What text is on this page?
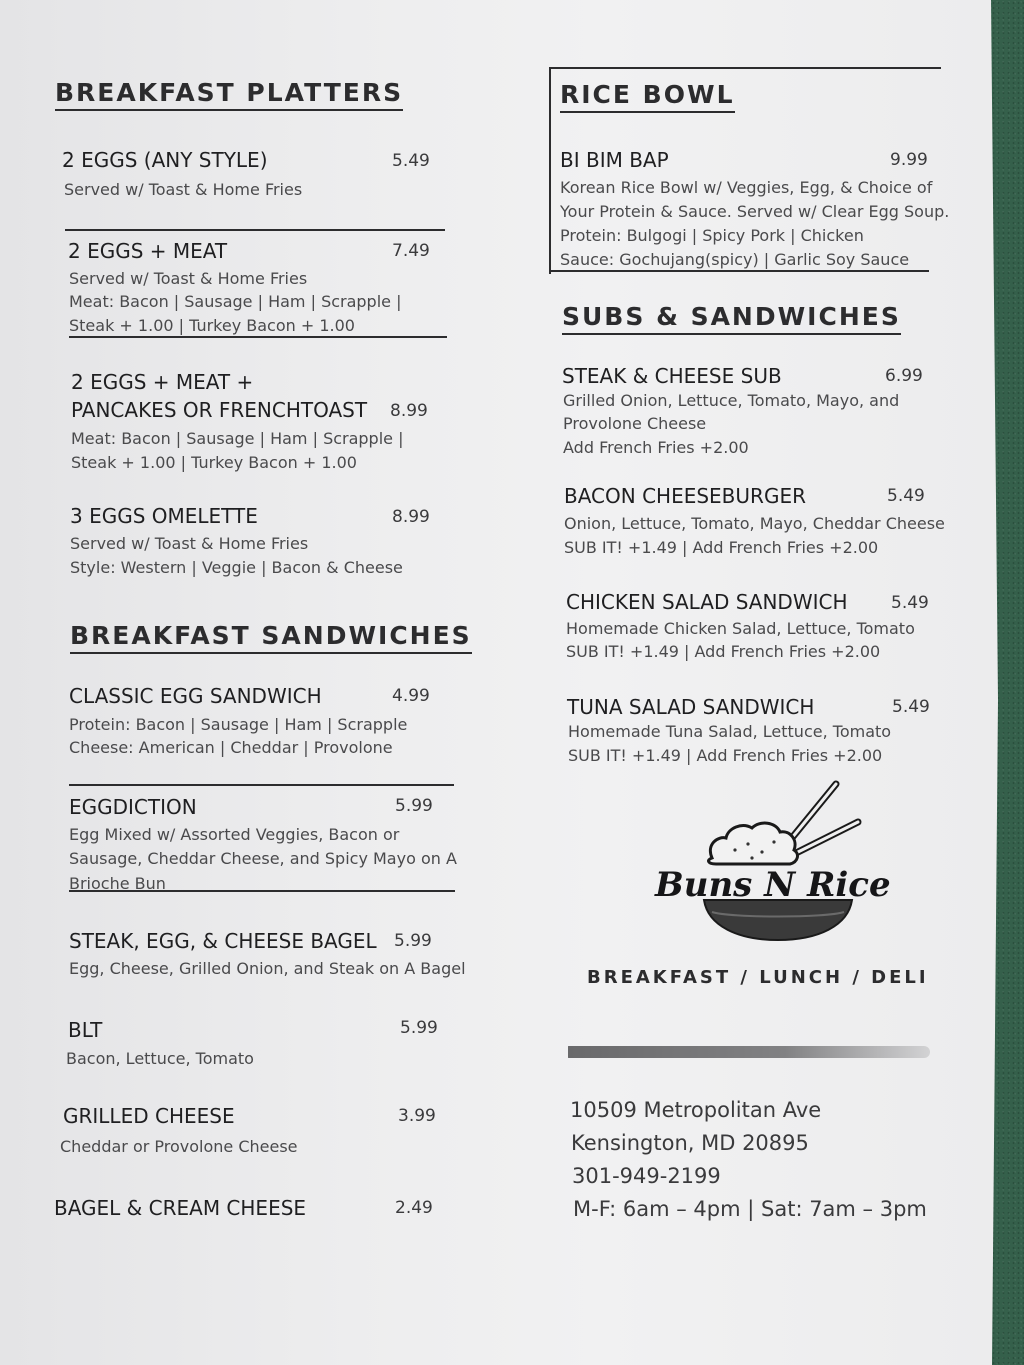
BREAKFAST PLATTERS
2 EGGS (ANY STYLE)	5.49
Served w/ Toast & Home Fries
2 EGGS + MEAT	7.49
Served w/ Toast & Home Fries
Meat: Bacon | Sausage | Ham | Scrapple |
Steak + 1.00 | Turkey Bacon + 1.00
2 EGGS + MEAT +
PANCAKES OR FRENCHTOAST 8.99
Meat: Bacon | Sausage | Ham | Scrapple |
Steak + 1.00 | Turkey Bacon + 1.00
3 EGGS OMELETTE	8.99
Served w/ Toast & Home Fries
Style: Western | Veggie | Bacon & Cheese
BREAKFAST SANDWICHES
CLASSIC EGG SANDWICH	4.99
Protein: Bacon | Sausage | Ham | Scrapple
Cheese: American | Cheddar | Provolone
EGGDICTION	5.99
Egg Mixed w/ Assorted Veggies, Bacon or
Sausage, Cheddar Cheese, and Spicy Mayo on A
Brioche Bun
STEAK, EGG, & CHEESE BAGEL 5.99
Egg, Cheese, Grilled Onion, and Steak on A Bagel
BLT	5.99
Bacon, Lettuce, Tomato
GRILLED CHEESE	3.99
Cheddar or Provolone Cheese
BAGEL & CREAM CHEESE	2.49
RICE BOWL
BI BIM BAP	9.99
Korean Rice Bowl w/ Veggies, Egg, & Choice of
Your Protein & Sauce. Served w/ Clear Egg Soup.
Protein: Bulgogi | Spicy Pork | Chicken
Sauce: Gochujang(spicy) | Garlic Soy Sauce
SUBS & SANDWICHES
STEAK & CHEESE SUB	6.99
Grilled Onion, Lettuce, Tomato, Mayo, and
Provolone Cheese
Add French Fries +2.00
BACON CHEESEBURGER	5.49
Onion, Lettuce, Tomato, Mayo, Cheddar Cheese
SUB IT! +1.49 | Add French Fries +2.00
CHICKEN SALAD SANDWICH	5.49
Homemade Chicken Salad, Lettuce, Tomato
SUB IT! +1.49 | Add French Fries +2.00
TUNA SALAD SANDWICH	5.49
Homemade Tuna Salad, Lettuce, Tomato
SUB IT! +1.49 | Add French Fries +2.00
Buns N Rice
BREAKFAST / LUNCH / DELI
10509 Metropolitan Ave
Kensington, MD 20895
301-949-2199
M-F: 6am – 4pm | Sat: 7am – 3pm
